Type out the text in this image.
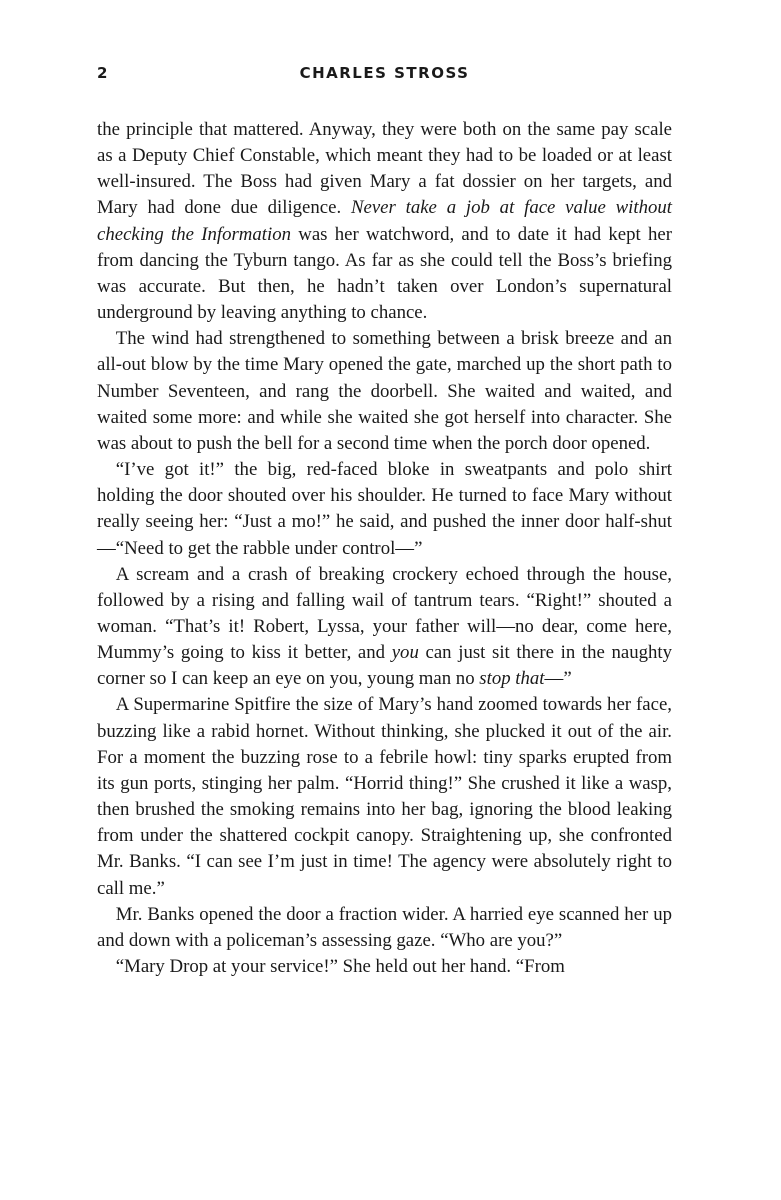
2	CHARLES STROSS

the principle that mattered. Anyway, they were both on the same pay scale as a Deputy Chief Constable, which meant they had to be loaded or at least well-insured. The Boss had given Mary a fat dossier on her targets, and Mary had done due diligence. Never take a job at face value without checking the Information was her watchword, and to date it had kept her from dancing the Tyburn tango. As far as she could tell the Boss’s briefing was accurate. But then, he hadn’t taken over London’s supernatural underground by leaving anything to chance.

The wind had strengthened to something between a brisk breeze and an all-out blow by the time Mary opened the gate, marched up the short path to Number Seventeen, and rang the doorbell. She waited and waited, and waited some more: and while she waited she got herself into character. She was about to push the bell for a second time when the porch door opened.

“I’ve got it!” the big, red-faced bloke in sweatpants and polo shirt holding the door shouted over his shoulder. He turned to face Mary without really seeing her: “Just a mo!” he said, and pushed the inner door half-shut—“Need to get the rabble under control—”

A scream and a crash of breaking crockery echoed through the house, followed by a rising and falling wail of tantrum tears. “Right!” shouted a woman. “That’s it! Robert, Lyssa, your father will—no dear, come here, Mummy’s going to kiss it better, and you can just sit there in the naughty corner so I can keep an eye on you, young man no stop that—”

A Supermarine Spitfire the size of Mary’s hand zoomed towards her face, buzzing like a rabid hornet. Without thinking, she plucked it out of the air. For a moment the buzzing rose to a febrile howl: tiny sparks erupted from its gun ports, stinging her palm. “Horrid thing!” She crushed it like a wasp, then brushed the smoking remains into her bag, ignoring the blood leaking from under the shattered cockpit canopy. Straightening up, she confronted Mr. Banks. “I can see I’m just in time! The agency were absolutely right to call me.”

Mr. Banks opened the door a fraction wider. A harried eye scanned her up and down with a policeman’s assessing gaze. “Who are you?”

“Mary Drop at your service!” She held out her hand. “From
